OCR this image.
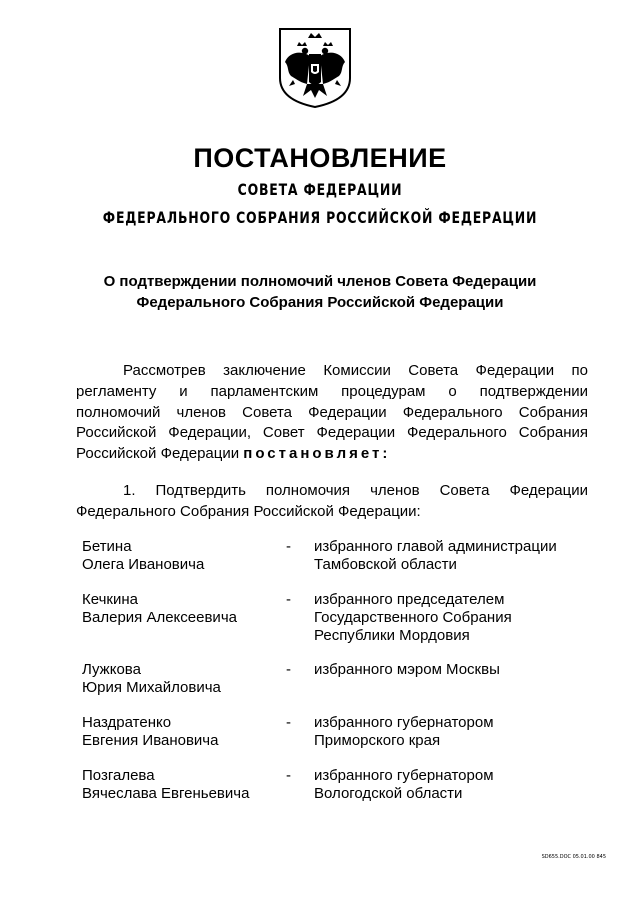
ПОСТАНОВЛЕНИЕ
СОВЕТА ФЕДЕРАЦИИ
ФЕДЕРАЛЬНОГО СОБРАНИЯ РОССИЙСКОЙ ФЕДЕРАЦИИ
О подтверждении полномочий членов Совета Федерации
Федерального Собрания Российской Федерации
Рассмотрев заключение Комиссии Совета Федерации по
регламенту и парламентским процедурам о подтверждении
полномочий членов Совета Федерации Федерального Собрания
Российской Федерации, Совет Федерации Федерального Собрания
Российской Федерации постановляет:
1. Подтвердить полномочия членов Совета Федерации
Федерального Собрания Российской Федерации:
Бетина
Олега Ивановича
- избранного главой администрации
Тамбовской области
Кечкина
Валерия Алексеевича
- избранного председателем
Государственного Собрания
Республики Мордовия
Лужкова
Юрия Михайловича
- избранного мэром Москвы
Наздратенко
Евгения Ивановича
- избранного губернатором
Приморского края
Позгалева
Вячеслава Евгеньевича
- избранного губернатором
Вологодской области
SD655.DOC 05.01.00 845
